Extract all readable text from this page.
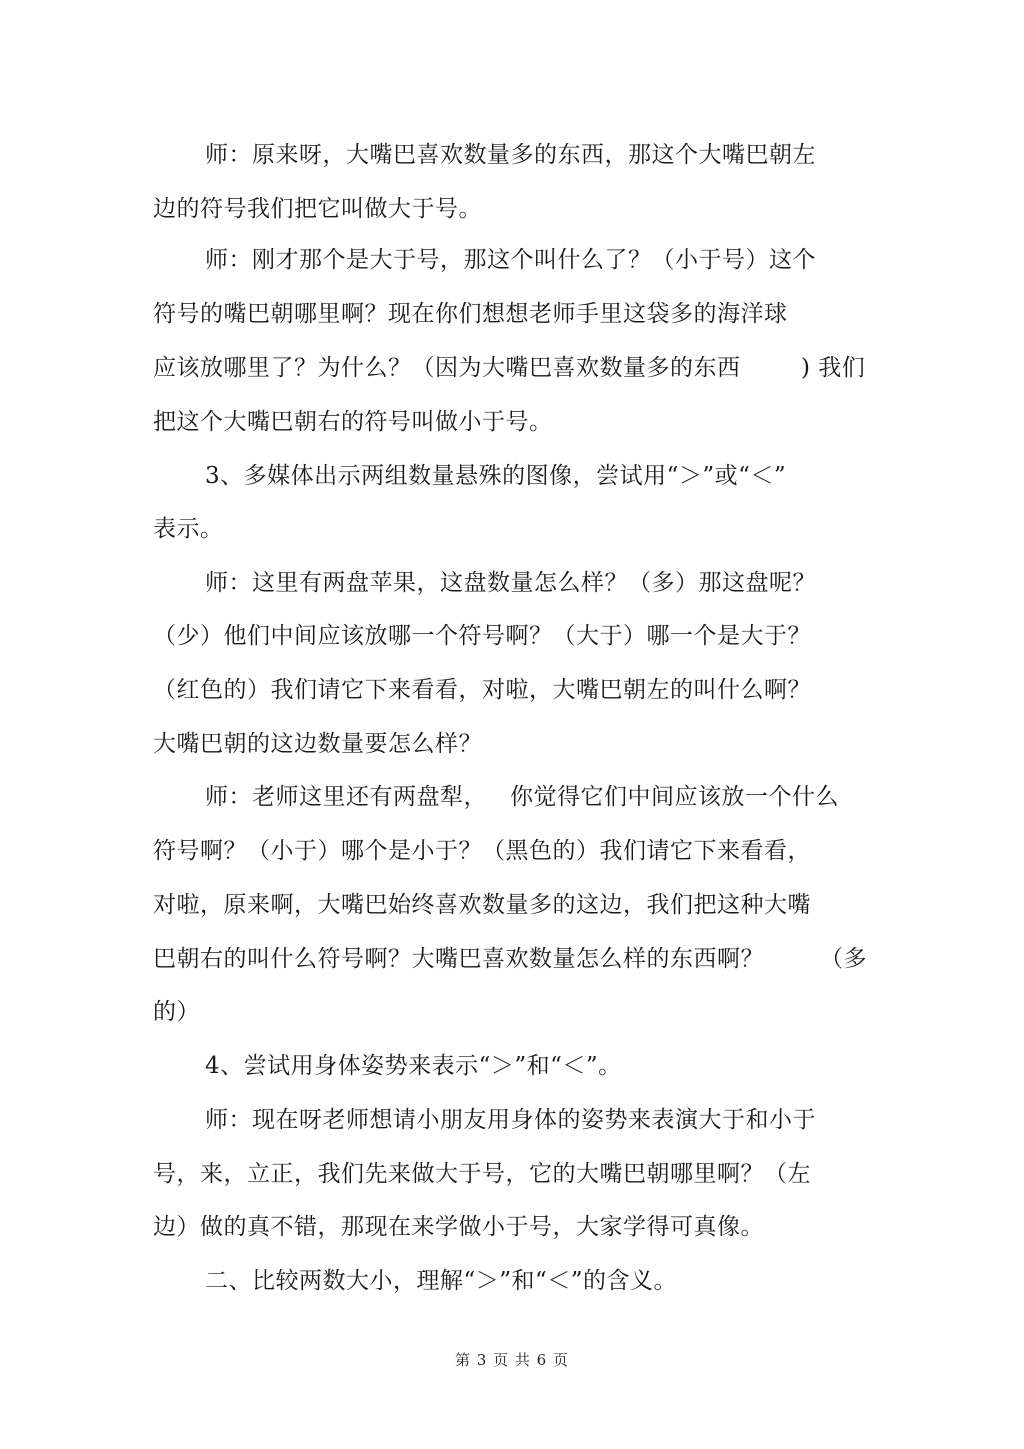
师：原来呀，大嘴巴喜欢数量多的东西，那这个大嘴巴朝左
边的符号我们把它叫做大于号。
师：刚才那个是大于号，那这个叫什么了？（小于号）这个
符号的嘴巴朝哪里啊？现在你们想想老师手里这袋多的海洋球
应该放哪里了？为什么？（因为大嘴巴喜欢数量多的东西	) 我们
把这个大嘴巴朝右的符号叫做小于号。
3、多媒体出示两组数量悬殊的图像，尝试用“＞”或“＜”
表示。
师：这里有两盘苹果，这盘数量怎么样？（多）那这盘呢？
（少）他们中间应该放哪一个符号啊？（大于）哪一个是大于？
（红色的）我们请它下来看看，对啦，大嘴巴朝左的叫什么啊？
大嘴巴朝的这边数量要怎么样？
师：老师这里还有两盘犁， 你觉得它们中间应该放一个什么
符号啊？（小于）哪个是小于？（黑色的）我们请它下来看看，
对啦，原来啊，大嘴巴始终喜欢数量多的这边，我们把这种大嘴
巴朝右的叫什么符号啊？大嘴巴喜欢数量怎么样的东西啊？ （多
的）
4、尝试用身体姿势来表示“＞”和“＜”。
师：现在呀老师想请小朋友用身体的姿势来表演大于和小于
号，来，立正，我们先来做大于号，它的大嘴巴朝哪里啊？（左
边）做的真不错，那现在来学做小于号，大家学得可真像。
二、比较两数大小，理解“＞”和“＜”的含义。
第 3 页 共 6 页
